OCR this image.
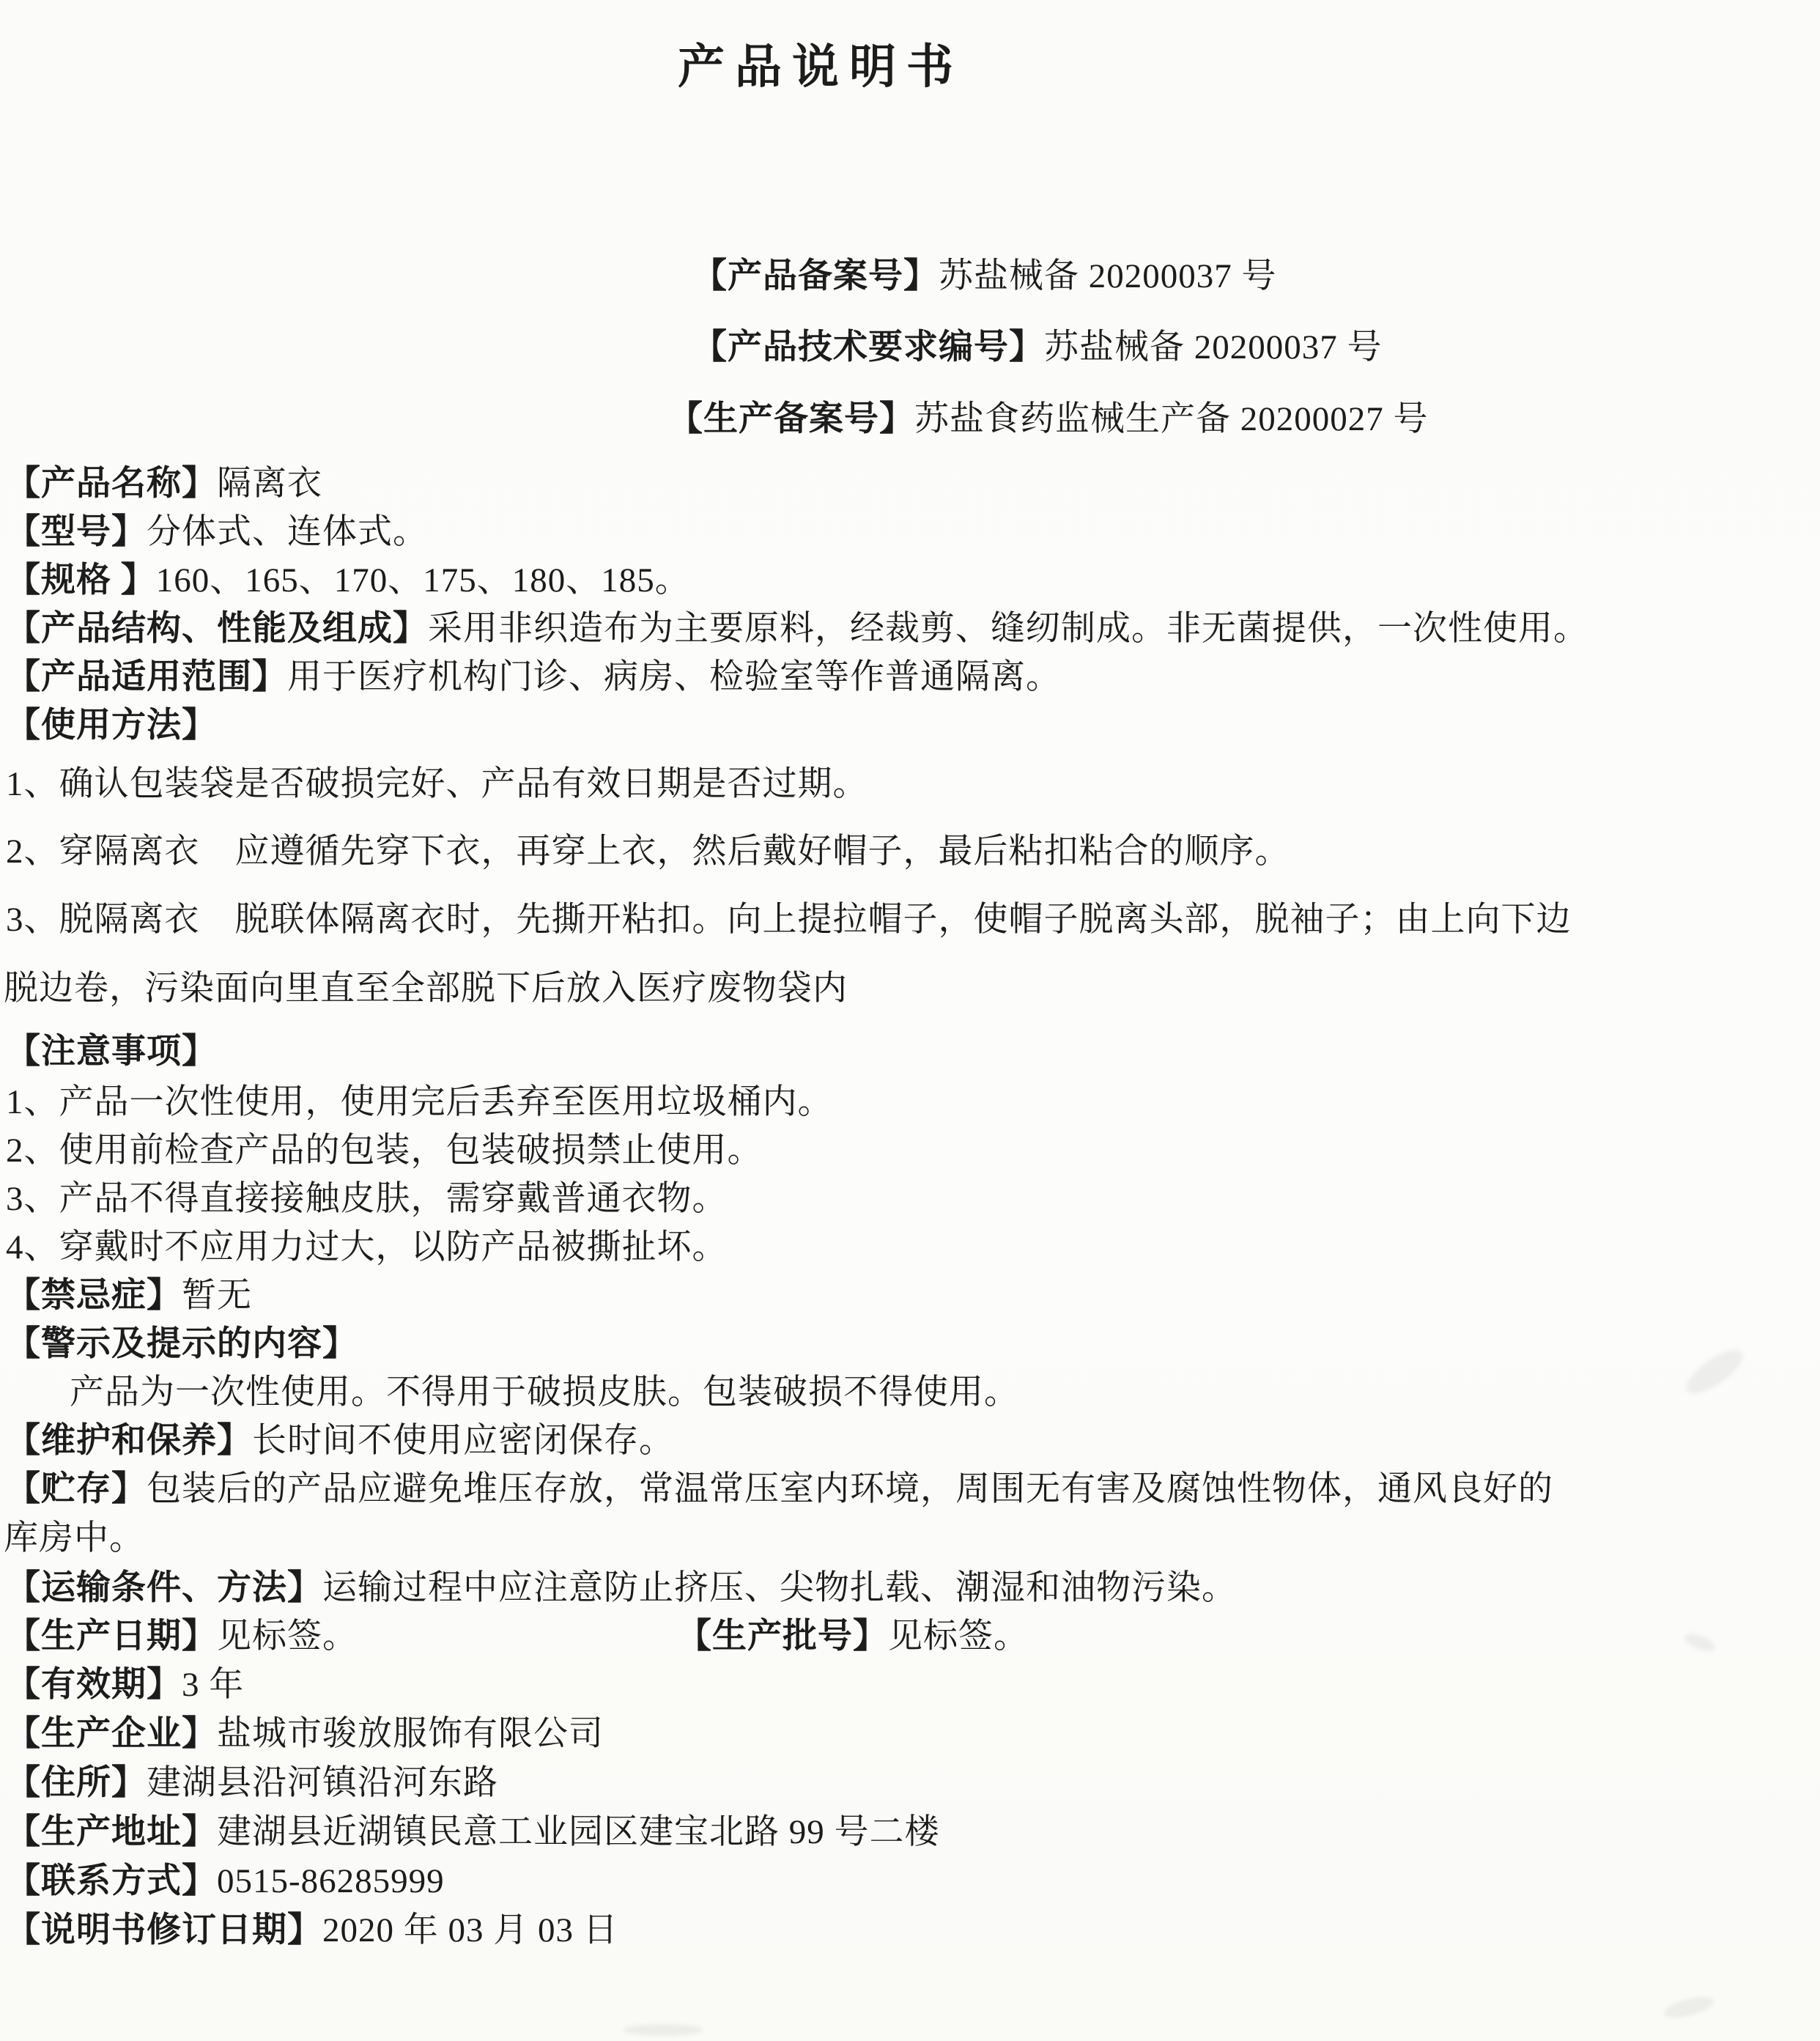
产品说明书
【产品备案号】苏盐械备 20200037 号
【产品技术要求编号】苏盐械备 20200037 号
【生产备案号】苏盐食药监械生产备 20200027 号
【产品名称】隔离衣
【型号】分体式、连体式。
【规格 】160、165、170、175、180、185。
【产品结构、性能及组成】采用非织造布为主要原料，经裁剪、缝纫制成。非无菌提供，一次性使用。
【产品适用范围】用于医疗机构门诊、病房、检验室等作普通隔离。
【使用方法】
1、确认包装袋是否破损完好、产品有效日期是否过期。
2、穿隔离衣　应遵循先穿下衣，再穿上衣，然后戴好帽子，最后粘扣粘合的顺序。
3、脱隔离衣　脱联体隔离衣时，先撕开粘扣。向上提拉帽子，使帽子脱离头部，脱袖子；由上向下边
脱边卷，污染面向里直至全部脱下后放入医疗废物袋内
【注意事项】
1、产品一次性使用，使用完后丢弃至医用垃圾桶内。
2、使用前检查产品的包装，包装破损禁止使用。
3、产品不得直接接触皮肤，需穿戴普通衣物。
4、穿戴时不应用力过大，以防产品被撕扯坏。
【禁忌症】暂无
【警示及提示的内容】
产品为一次性使用。不得用于破损皮肤。包装破损不得使用。
【维护和保养】长时间不使用应密闭保存。
【贮存】包装后的产品应避免堆压存放，常温常压室内环境，周围无有害及腐蚀性物体，通风良好的
库房中。
【运输条件、方法】运输过程中应注意防止挤压、尖物扎载、潮湿和油物污染。
【生产日期】见标签。	【生产批号】见标签。
【有效期】3 年
【生产企业】盐城市骏放服饰有限公司
【住所】建湖县沿河镇沿河东路
【生产地址】建湖县近湖镇民意工业园区建宝北路 99 号二楼
【联系方式】0515-86285999
【说明书修订日期】2020 年 03 月 03 日
